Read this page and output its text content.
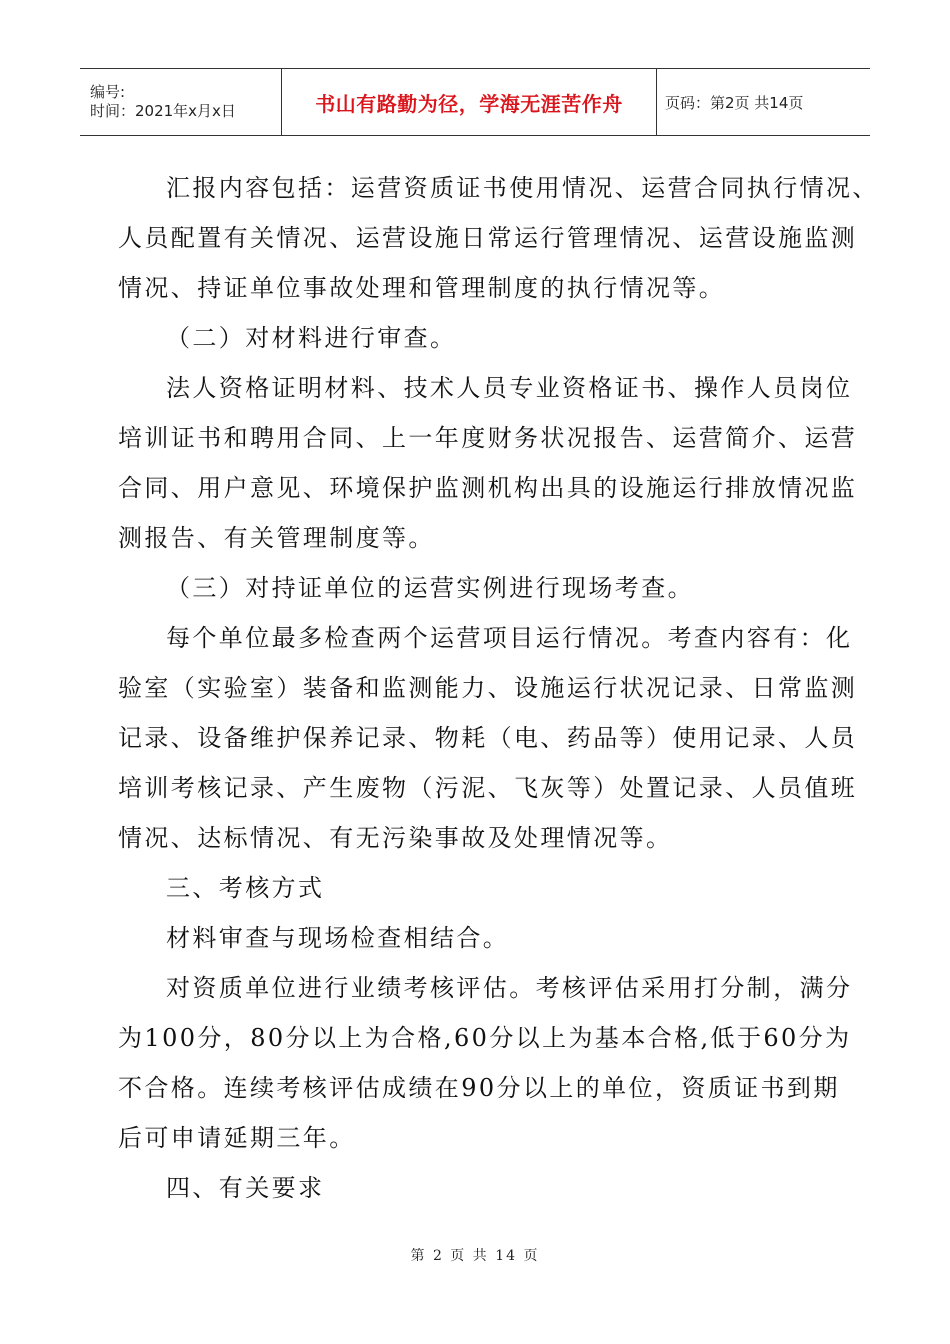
编号:
时间：2021年x月x日	书山有路勤为径，学海无涯苦作舟	页码：第2页 共14页
汇报内容包括：运营资质证书使用情况、运营合同执行情况、
人员配置有关情况、运营设施日常运行管理情况、运营设施监测
情况、持证单位事故处理和管理制度的执行情况等。
（二）对材料进行审查。
法人资格证明材料、技术人员专业资格证书、操作人员岗位
培训证书和聘用合同、上一年度财务状况报告、运营简介、运营
合同、用户意见、环境保护监测机构出具的设施运行排放情况监
测报告、有关管理制度等。
（三）对持证单位的运营实例进行现场考查。
每个单位最多检查两个运营项目运行情况。考查内容有：化
验室（实验室）装备和监测能力、设施运行状况记录、日常监测
记录、设备维护保养记录、物耗（电、药品等）使用记录、人员
培训考核记录、产生废物（污泥、飞灰等）处置记录、人员值班
情况、达标情况、有无污染事故及处理情况等。
三、考核方式
材料审查与现场检查相结合。
对资质单位进行业绩考核评估。考核评估采用打分制，满分
为100分，80分以上为合格,60分以上为基本合格,低于60分为
不合格。连续考核评估成绩在90分以上的单位，资质证书到期
后可申请延期三年。
四、有关要求
第 2 页 共 14 页
